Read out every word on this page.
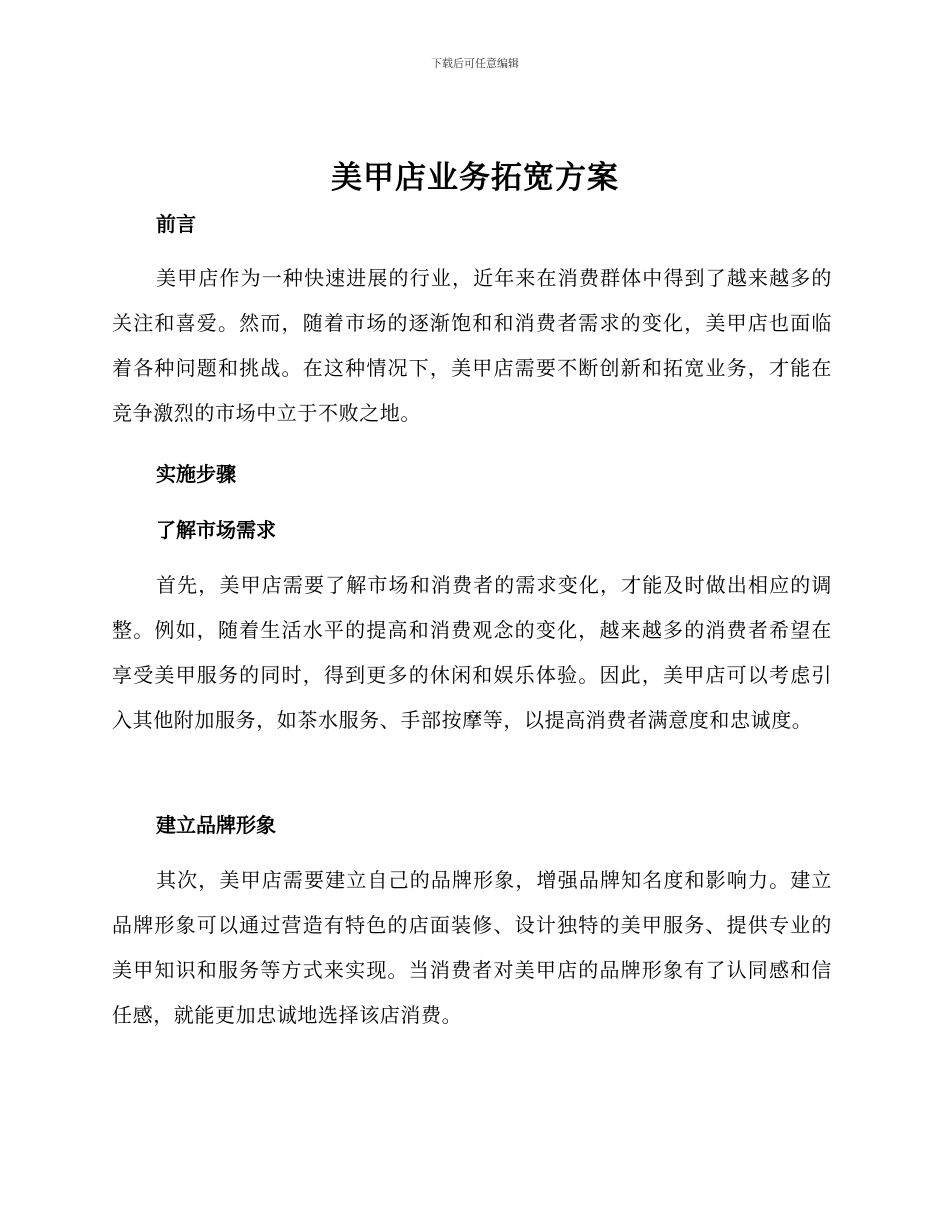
下载后可任意编辑
美甲店业务拓宽方案
前言
美甲店作为一种快速进展的行业，近年来在消费群体中得到了越来越多的关注和喜爱。然而，随着市场的逐渐饱和和消费者需求的变化，美甲店也面临着各种问题和挑战。在这种情况下，美甲店需要不断创新和拓宽业务，才能在竞争激烈的市场中立于不败之地。
实施步骤
了解市场需求
首先，美甲店需要了解市场和消费者的需求变化，才能及时做出相应的调整。例如，随着生活水平的提高和消费观念的变化，越来越多的消费者希望在享受美甲服务的同时，得到更多的休闲和娱乐体验。因此，美甲店可以考虑引入其他附加服务，如茶水服务、手部按摩等，以提高消费者满意度和忠诚度。
建立品牌形象
其次，美甲店需要建立自己的品牌形象，增强品牌知名度和影响力。建立品牌形象可以通过营造有特色的店面装修、设计独特的美甲服务、提供专业的美甲知识和服务等方式来实现。当消费者对美甲店的品牌形象有了认同感和信任感，就能更加忠诚地选择该店消费。
